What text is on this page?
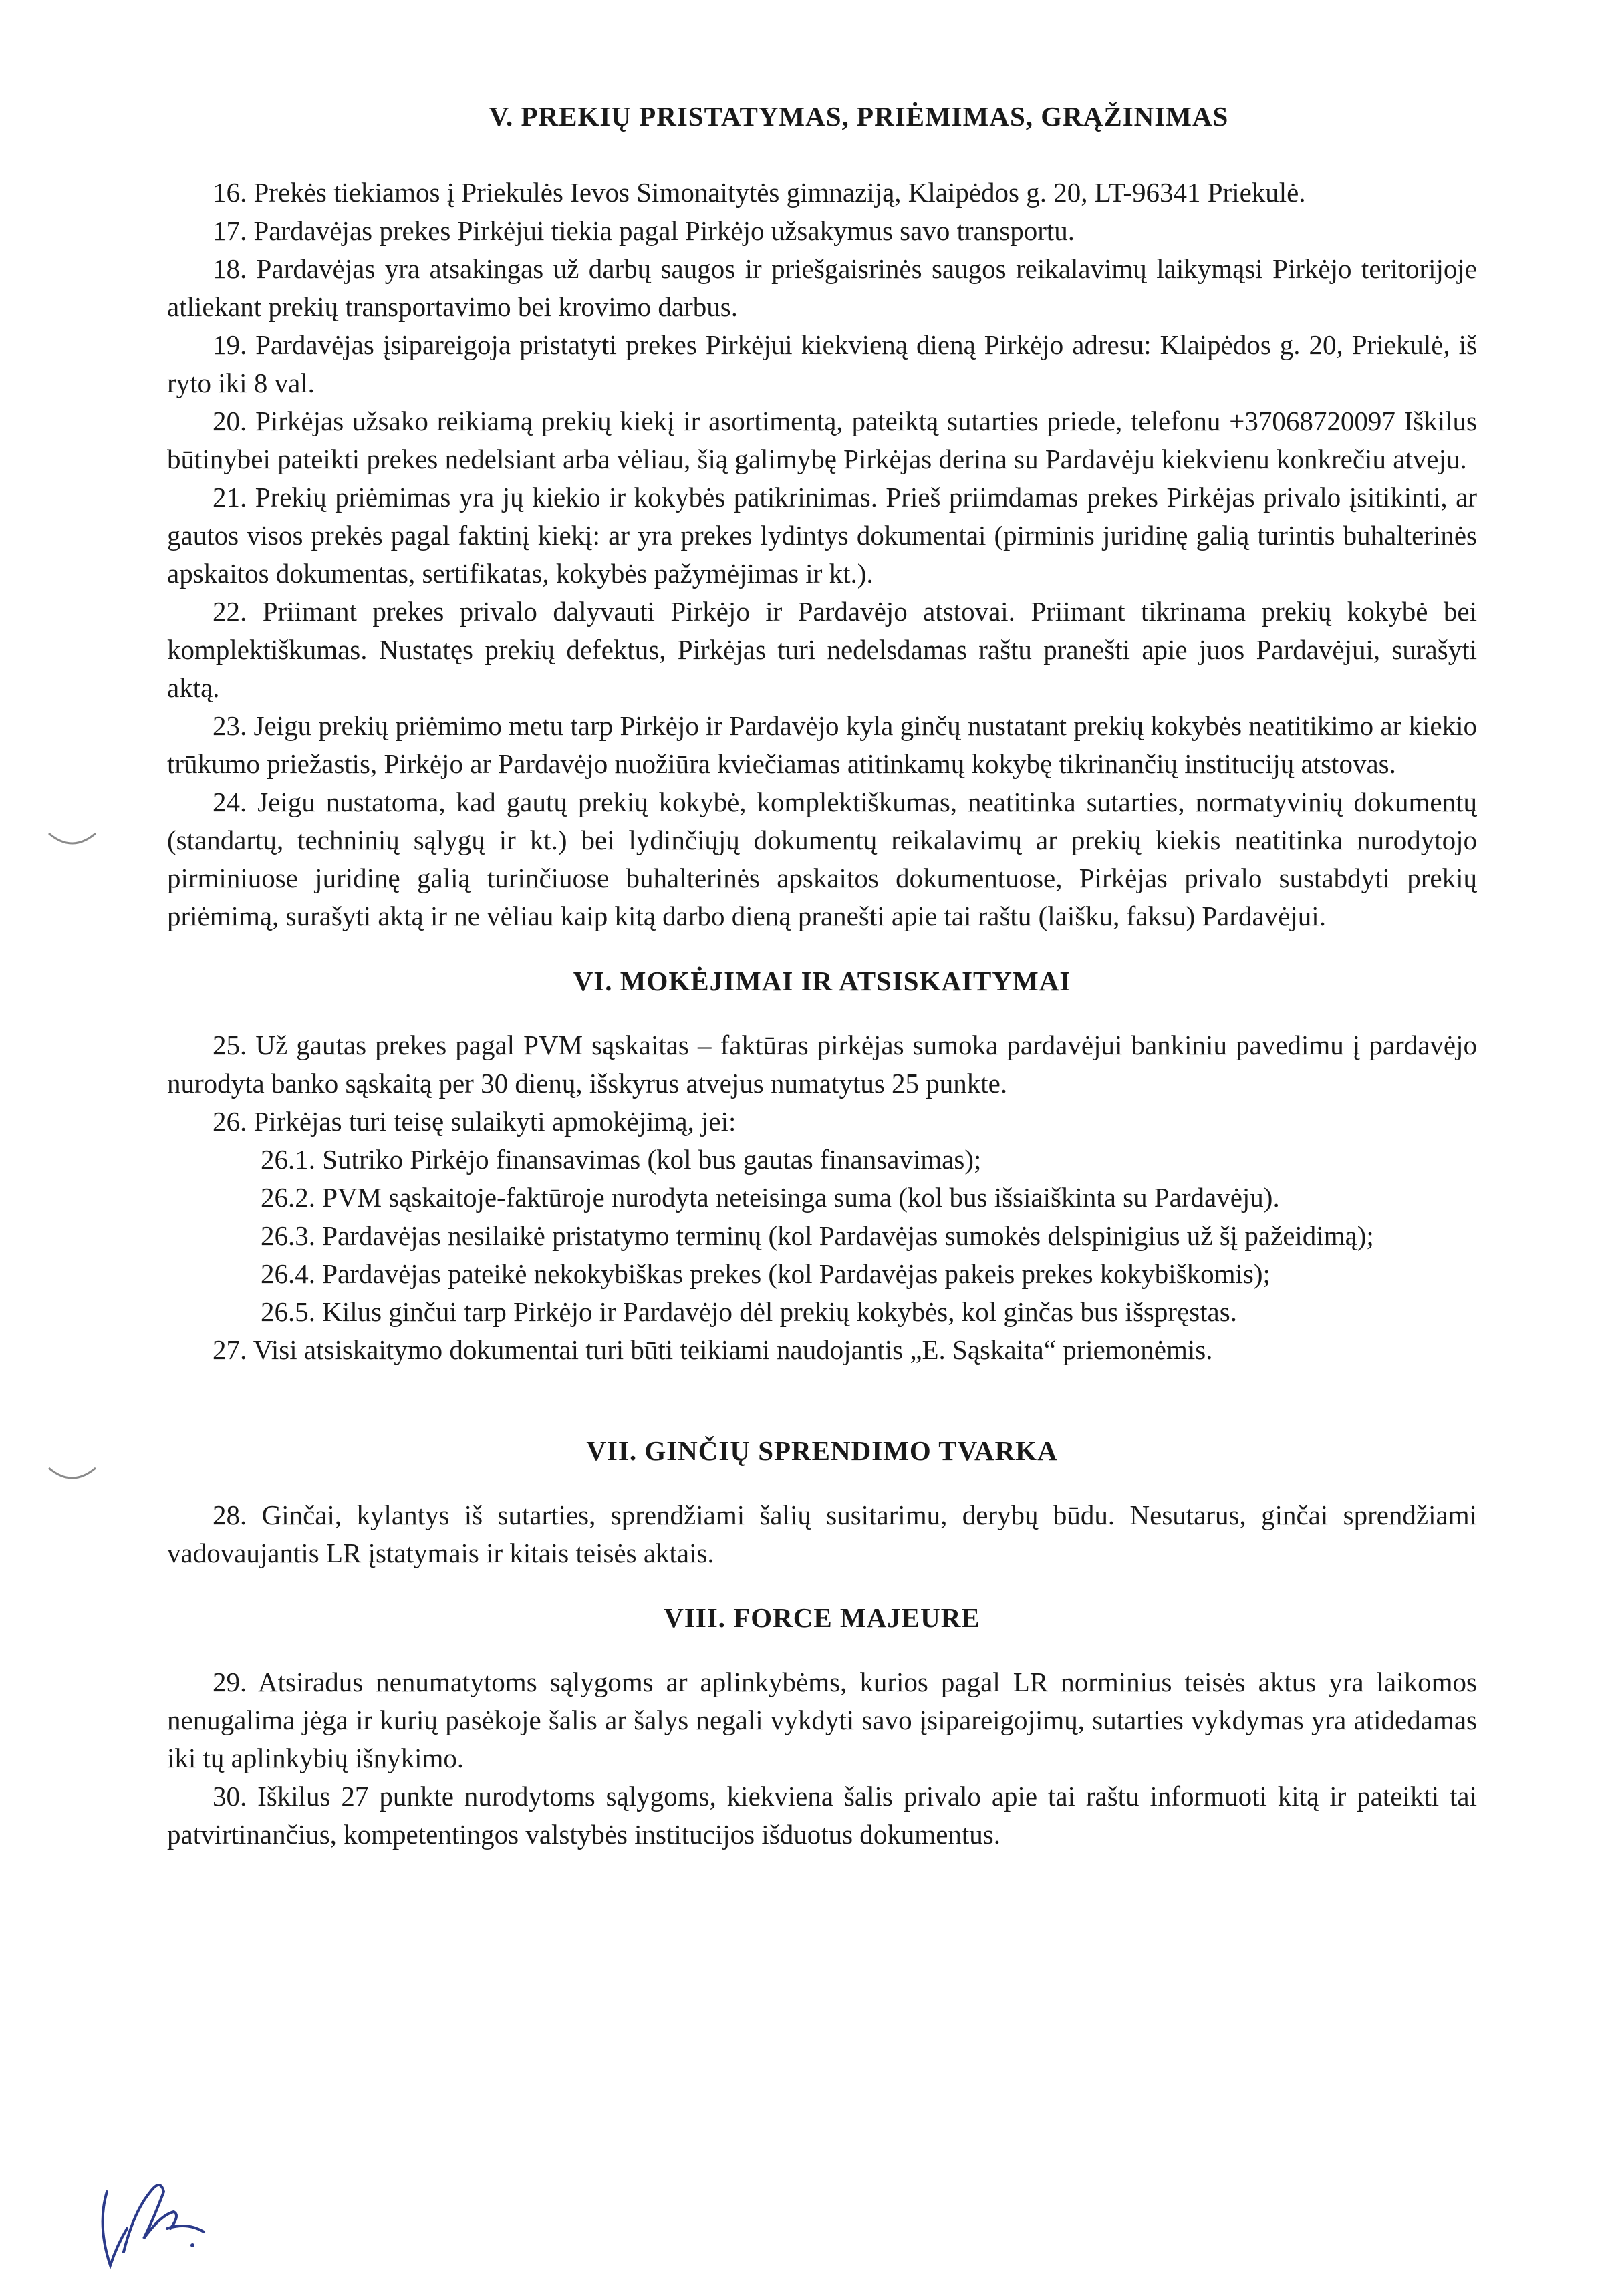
V. PREKIŲ PRISTATYMAS, PRIĖMIMAS, GRĄŽINIMAS

16. Prekės tiekiamos į Priekulės Ievos Simonaitytės gimnaziją, Klaipėdos g. 20, LT-96341 Priekulė.

17. Pardavėjas prekes Pirkėjui tiekia pagal Pirkėjo užsakymus savo transportu.

18. Pardavėjas yra atsakingas už darbų saugos ir priešgaisrinės saugos reikalavimų laikymąsi Pirkėjo teritorijoje atliekant prekių transportavimo bei krovimo darbus.

19. Pardavėjas įsipareigoja pristatyti prekes Pirkėjui kiekvieną dieną Pirkėjo adresu: Klaipėdos g. 20, Priekulė, iš ryto iki 8 val.

20. Pirkėjas užsako reikiamą prekių kiekį ir asortimentą, pateiktą sutarties priede, telefonu +37068720097 Iškilus būtinybei pateikti prekes nedelsiant arba vėliau, šią galimybę Pirkėjas derina su Pardavėju kiekvienu konkrečiu atveju.

21. Prekių priėmimas yra jų kiekio ir kokybės patikrinimas. Prieš priimdamas prekes Pirkėjas privalo įsitikinti, ar gautos visos prekės pagal faktinį kiekį: ar yra prekes lydintys dokumentai (pirminis juridinę galią turintis buhalterinės apskaitos dokumentas, sertifikatas, kokybės pažymėjimas ir kt.).

22. Priimant prekes privalo dalyvauti Pirkėjo ir Pardavėjo atstovai. Priimant tikrinama prekių kokybė bei komplektiškumas. Nustatęs prekių defektus, Pirkėjas turi nedelsdamas raštu pranešti apie juos Pardavėjui, surašyti aktą.

23. Jeigu prekių priėmimo metu tarp Pirkėjo ir Pardavėjo kyla ginčų nustatant prekių kokybės neatitikimo ar kiekio trūkumo priežastis, Pirkėjo ar Pardavėjo nuožiūra kviečiamas atitinkamų kokybę tikrinančių institucijų atstovas.

24. Jeigu nustatoma, kad gautų prekių kokybė, komplektiškumas, neatitinka sutarties, normatyvinių dokumentų (standartų, techninių sąlygų ir kt.) bei lydinčiųjų dokumentų reikalavimų ar prekių kiekis neatitinka nurodytojo pirminiuose juridinę galią turinčiuose buhalterinės apskaitos dokumentuose, Pirkėjas privalo sustabdyti prekių priėmimą, surašyti aktą ir ne vėliau kaip kitą darbo dieną pranešti apie tai raštu (laišku, faksu) Pardavėjui.

VI. MOKĖJIMAI IR ATSISKAITYMAI

25. Už gautas prekes pagal PVM sąskaitas – faktūras pirkėjas sumoka pardavėjui bankiniu pavedimu į pardavėjo nurodyta banko sąskaitą per 30 dienų, išskyrus atvejus numatytus 25 punkte.

26. Pirkėjas turi teisę sulaikyti apmokėjimą, jei:

26.1. Sutriko Pirkėjo finansavimas (kol bus gautas finansavimas);

26.2. PVM sąskaitoje-faktūroje nurodyta neteisinga suma (kol bus išsiaiškinta su Pardavėju).

26.3. Pardavėjas nesilaikė pristatymo terminų (kol Pardavėjas sumokės delspinigius už šį pažeidimą);

26.4. Pardavėjas pateikė nekokybiškas prekes (kol Pardavėjas pakeis prekes kokybiškomis);

26.5. Kilus ginčui tarp Pirkėjo ir Pardavėjo dėl prekių kokybės, kol ginčas bus išspręstas.

27. Visi atsiskaitymo dokumentai turi būti teikiami naudojantis „E. Sąskaita“ priemonėmis.

VII. GINČIŲ SPRENDIMO TVARKA

28. Ginčai, kylantys iš sutarties, sprendžiami šalių susitarimu, derybų būdu. Nesutarus, ginčai sprendžiami vadovaujantis LR įstatymais ir kitais teisės aktais.

VIII. FORCE MAJEURE

29. Atsiradus nenumatytoms sąlygoms ar aplinkybėms, kurios pagal LR norminius teisės aktus yra laikomos nenugalima jėga ir kurių pasėkoje šalis ar šalys negali vykdyti savo įsipareigojimų, sutarties vykdymas yra atidedamas iki tų aplinkybių išnykimo.

30. Iškilus 27 punkte nurodytoms sąlygoms, kiekviena šalis privalo apie tai raštu informuoti kitą ir pateikti tai patvirtinančius, kompetentingos valstybės institucijos išduotus dokumentus.
